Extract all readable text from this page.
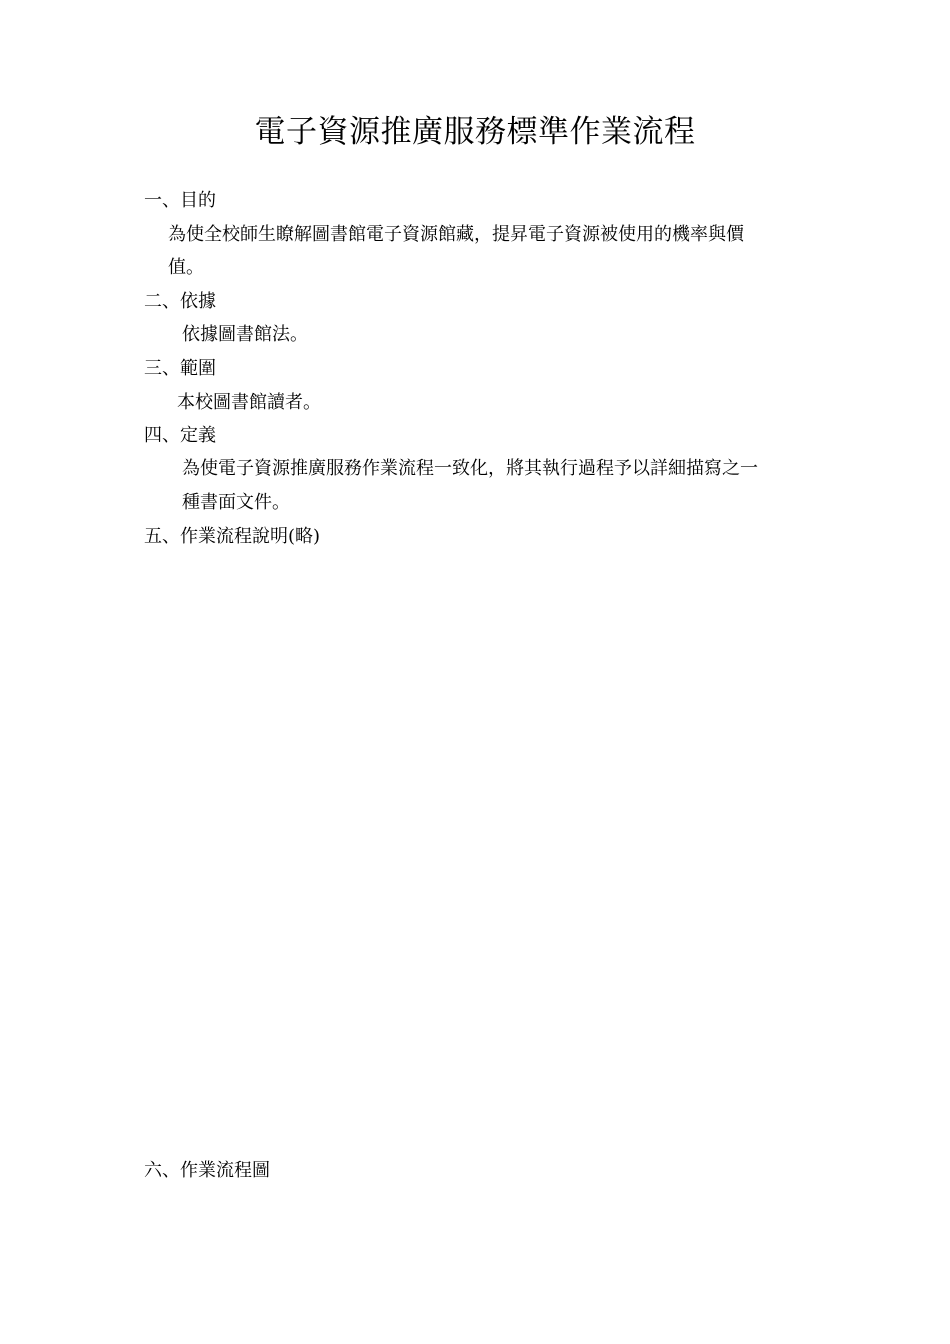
電子資源推廣服務標準作業流程
一、目的
為使全校師生瞭解圖書館電子資源館藏，提昇電子資源被使用的機率與價
值。
二、依據
依據圖書館法。
三、範圍
本校圖書館讀者。
四、定義
為使電子資源推廣服務作業流程一致化，將其執行過程予以詳細描寫之一
種書面文件。
五、作業流程說明(略)
六、作業流程圖
